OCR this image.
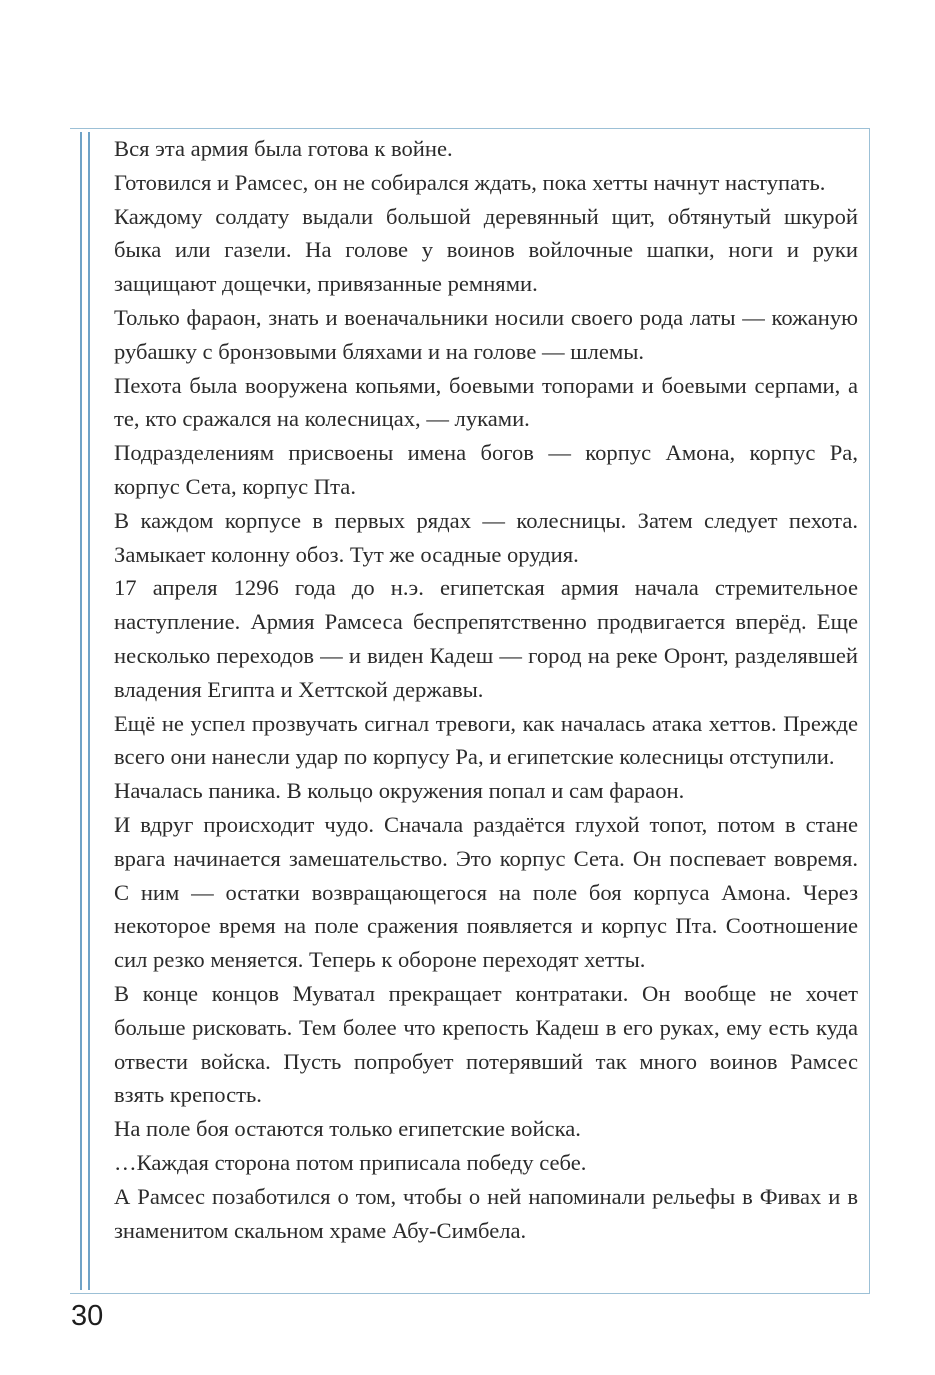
Вся эта армия была готова к войне.

Готовился и Рамсес, он не собирался ждать, пока хетты начнут наступать.

Каждому солдату выдали большой деревянный щит, обтянутый шкурой быка или газели. На голове у воинов войлочные шапки, ноги и руки защищают дощечки, привязанные ремнями.

Только фараон, знать и военачальники носили своего рода латы — кожаную рубашку с бронзовыми бляхами и на голове — шлемы.

Пехота была вооружена копьями, боевыми топорами и боевыми серпами, а те, кто сражался на колесницах, — луками.

Подразделениям присвоены имена богов — корпус Амона, корпус Ра, корпус Сета, корпус Пта.

В каждом корпусе в первых рядах — колесницы. Затем следует пехота. Замыкает колонну обоз. Тут же осадные орудия.

17 апреля 1296 года до н.э. египетская армия начала стремительное наступление. Армия Рамсеса беспрепятственно продвигается вперёд. Еще несколько переходов — и виден Кадеш — город на реке Оронт, разделявшей владения Египта и Хеттской державы.

Ещё не успел прозвучать сигнал тревоги, как началась атака хеттов. Прежде всего они нанесли удар по корпусу Ра, и египетские колесницы отступили.

Началась паника. В кольцо окружения попал и сам фараон.

И вдруг происходит чудо. Сначала раздаётся глухой топот, потом в стане врага начинается замешательство. Это корпус Сета. Он поспевает вовремя. С ним — остатки возвращающегося на поле боя корпуса Амона. Через некоторое время на поле сражения появляется и корпус Пта. Соотношение сил резко меняется. Теперь к обороне переходят хетты.

В конце концов Муватал прекращает контратаки. Он вообще не хочет больше рисковать. Тем более что крепость Кадеш в его руках, ему есть куда отвести войска. Пусть попробует потерявший так много воинов Рамсес взять крепость.

На поле боя остаются только египетские войска.

…Каждая сторона потом приписала победу себе.

А Рамсес позаботился о том, чтобы о ней напоминали рельефы в Фивах и в знаменитом скальном храме Абу-Симбела.

30
